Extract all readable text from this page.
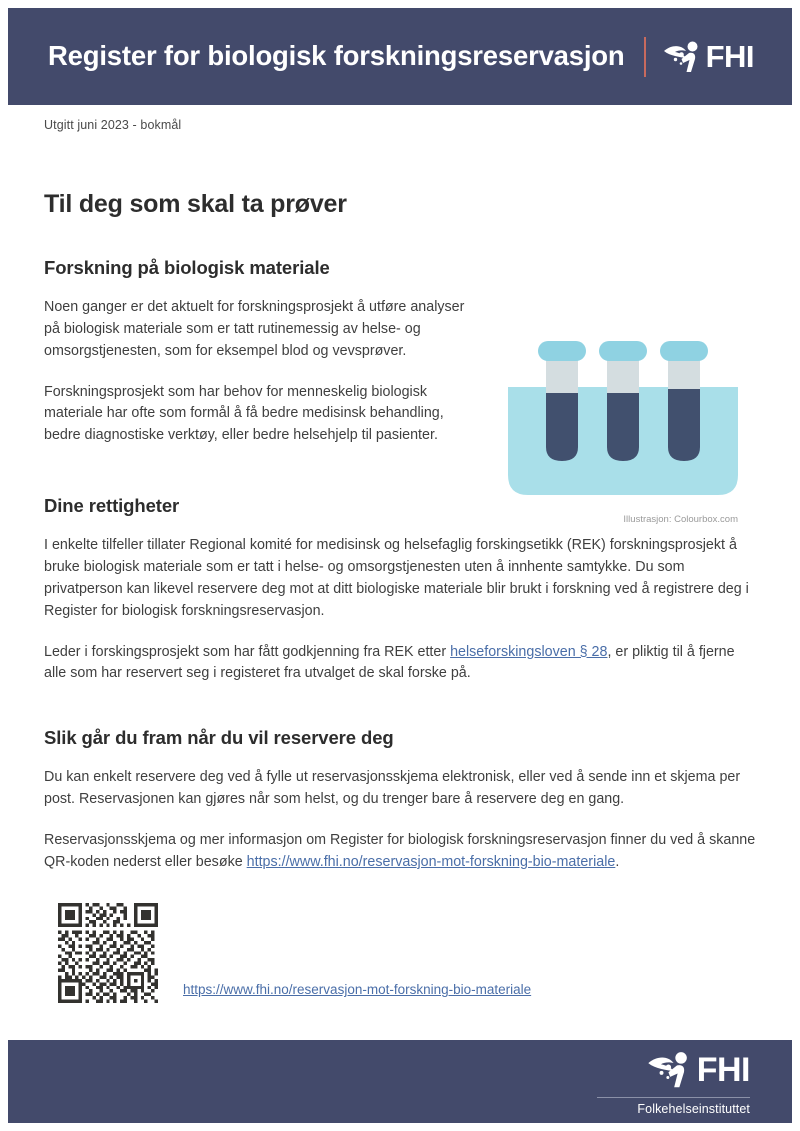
Register for biologisk forskningsreservasjon	FHI
Utgitt juni 2023 - bokmål
Til deg som skal ta prøver
Forskning på biologisk materiale

Noen ganger er det aktuelt for forskningsprosjekt å utføre analyser på biologisk materiale som er tatt rutinemessig av helse- og omsorgstjenesten, som for eksempel blod og vevsprøver.

Forskningsprosjekt som har behov for menneskelig biologisk materiale har ofte som formål å få bedre medisinsk behandling, bedre diagnostiske verktøy, eller bedre helsehjelp til pasienter.

Illustrasjon: Colourbox.com
Dine rettigheter

I enkelte tilfeller tillater Regional komité for medisinsk og helsefaglig forskingsetikk (REK) forskningsprosjekt å bruke biologisk materiale som er tatt i helse- og omsorgstjenesten uten å innhente samtykke. Du som privatperson kan likevel reservere deg mot at ditt biologiske materiale blir brukt i forskning ved å registrere deg i Register for biologisk forskningsreservasjon.

Leder i forskingsprosjekt som har fått godkjenning fra REK etter helseforskingsloven § 28, er pliktig til å fjerne alle som har reservert seg i registeret fra utvalget de skal forske på.

Slik går du fram når du vil reservere deg

Du kan enkelt reservere deg ved å fylle ut reservasjonsskjema elektronisk, eller ved å sende inn et skjema per post. Reservasjonen kan gjøres når som helst, og du trenger bare å reservere deg en gang.

Reservasjonsskjema og mer informasjon om Register for biologisk forskningsreservasjon finner du ved å skanne QR-koden nederst eller besøke https://www.fhi.no/reservasjon-mot-forskning-bio-materiale.

https://www.fhi.no/reservasjon-mot-forskning-bio-materiale
FHI
Folkehelseinstituttet
